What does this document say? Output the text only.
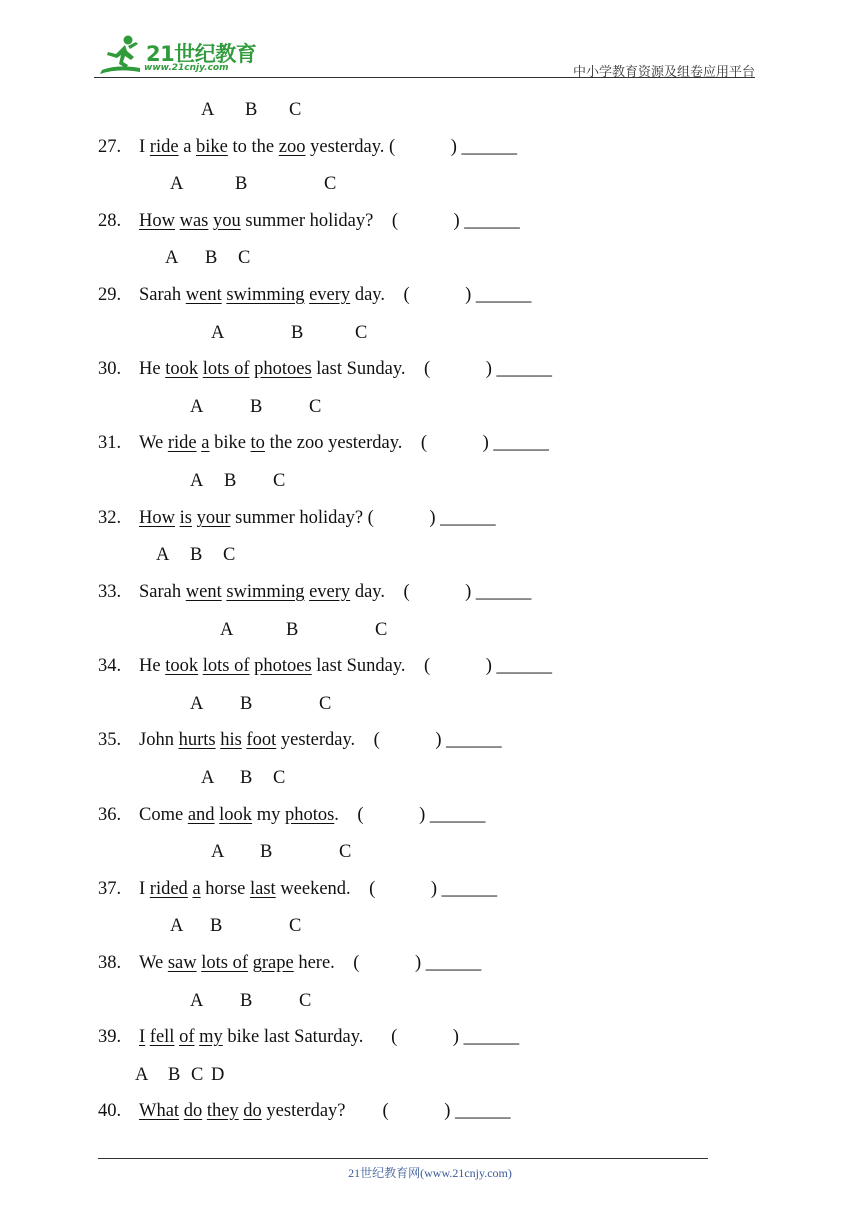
21世纪教育
www.21cnjy.com	中小学教育资源及组卷应用平台
A B C
27. I ride a bike to the zoo yesterday. (	) ______
A	B	C
28. How was you summer holiday?    (	) ______
A B C
29. Sarah went swimming every day.    (	) ______
A	B	C
30. He took lots of photoes last Sunday.    (	) ______
A	B	C
31. We ride a bike to the zoo yesterday.    (	) ______
A B C
32. How is your summer holiday? (	) ______
A B C
33. Sarah went swimming every day.    (	) ______
A	B	C
34. He took lots of photoes last Sunday.    (	) ______
A B	C
35. John hurts his foot yesterday.    (	) ______
A B C
36. Come and look my photos.    (	) ______
A B	C
37. I rided a horse last weekend.    (	) ______
A B	C
38. We saw lots of grape here.    (	) ______
A B	C
39. I fell of my bike last Saturday.      (	) ______
A B C D
40. What do they do yesterday?        (	) ______
21世纪教育网(www.21cnjy.com)
